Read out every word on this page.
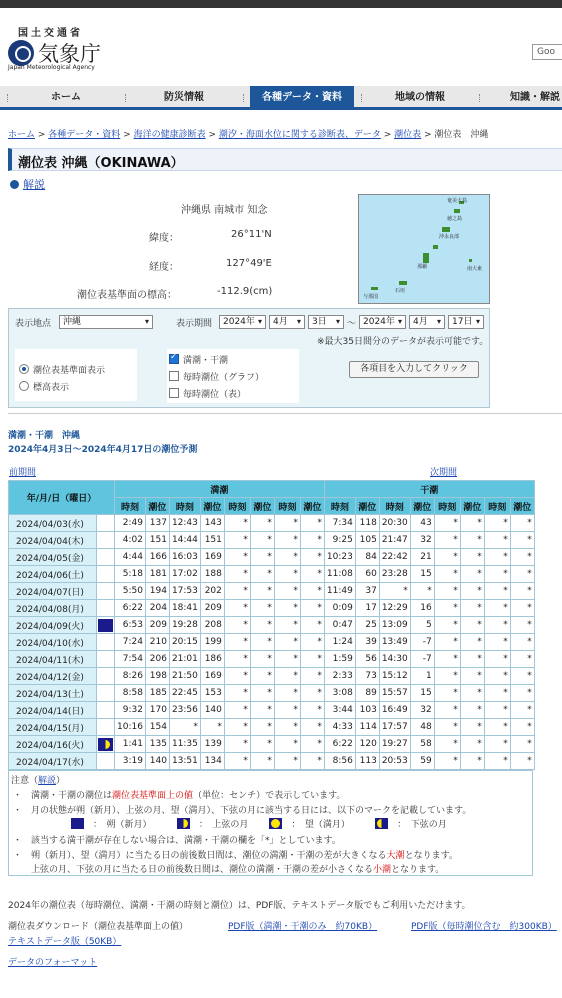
国土交通省
気象庁
Japan Meteorological Agency
Goo
ホーム	防災情報	各種データ・資料	地域の情報	知識・解説
ホーム > 各種データ・資料 > 海洋の健康診断表 > 潮汐・海面水位に関する診断表、データ > 潮位表 > 潮位表　沖縄
潮位表 沖縄（OKINAWA）
解説
沖縄県 南城市 知念
緯度：	26°11'N
経度：	127°49'E
潮位表基準面の標高：	-112.9(cm)
奄美大島
徳之島
沖永良部
那覇	南大東
石垣
与那国
表示地点	沖縄 ▾	表示期間	2024年 ▾	4月 ▾	3日 ▾	〜 2024年 ▾	4月 ▾	17日 ▾
※最大35日間分のデータが表示可能です。
潮位表基準面表示
標高表示
✓満潮・干潮
毎時潮位（グラフ）
毎時潮位（表）
各項目を入力してクリック
満潮・干潮　沖縄
2024年4月3日〜2024年4月17日の潮位予測
前期間	次期間
年/月/日（曜日）		満潮								干潮							
		時刻	潮位	時刻	潮位	時刻	潮位	時刻	潮位	時刻	潮位	時刻	潮位	時刻	潮位	時刻	潮位
2024/04/03(水)		2:49	137	12:43	143	*	*	*	*	7:34	118	20:30	43	*	*	*	*
2024/04/04(木)		4:02	151	14:44	151	*	*	*	*	9:25	105	21:47	32	*	*	*	*
2024/04/05(金)		4:44	166	16:03	169	*	*	*	*	10:23	84	22:42	21	*	*	*	*
2024/04/06(土)		5:18	181	17:02	188	*	*	*	*	11:08	60	23:28	15	*	*	*	*
2024/04/07(日)		5:50	194	17:53	202	*	*	*	*	11:49	37	*	*	*	*	*	*
2024/04/08(月)		6:22	204	18:41	209	*	*	*	*	0:09	17	12:29	16	*	*	*	*
2024/04/09(火)		6:53	209	19:28	208	*	*	*	*	0:47	25	13:09	5	*	*	*	*
2024/04/10(水)		7:24	210	20:15	199	*	*	*	*	1:24	39	13:49	-7	*	*	*	*
2024/04/11(木)		7:54	206	21:01	186	*	*	*	*	1:59	56	14:30	-7	*	*	*	*
2024/04/12(金)		8:26	198	21:50	169	*	*	*	*	2:33	73	15:12	1	*	*	*	*
2024/04/13(土)		8:58	185	22:45	153	*	*	*	*	3:08	89	15:57	15	*	*	*	*
2024/04/14(日)		9:32	170	23:56	140	*	*	*	*	3:44	103	16:49	32	*	*	*	*
2024/04/15(月)		10:16	154	*	*	*	*	*	*	4:33	114	17:57	48	*	*	*	*
2024/04/16(火)		1:41	135	11:35	139	*	*	*	*	6:22	120	19:27	58	*	*	*	*
2024/04/17(水)		3:19	140	13:51	134	*	*	*	*	8:56	113	20:53	59	*	*	*	*
注意（解説）
・　 満潮・干潮の潮位は潮位表基準面上の値（単位：センチ）で表示しています。
・　 月の状態が朔（新月）、上弦の月、望（満月）、下弦の月に該当する日には、以下のマークを記載しています。
　：　朔（新月）　　　 　	：　上弦の月　　 　	：　望（満月）　　　 　	：　下弦の月
・　 該当する満干潮が存在しない場合は、満潮・干潮の欄を「*」としています。
・　 朔（新月）、望（満月）に当たる日の前後数日間は、潮位の満潮・干潮の差が大きくなる大潮となります。
上弦の月、下弦の月に当たる日の前後数日間は、潮位の満潮・干潮の差が小さくなる小潮となります。
2024年の潮位表（毎時潮位、満潮・干潮の時刻と潮位）は、PDF版、テキストデータ版でもご利用いただけます。
潮位表ダウンロード（潮位表基準面上の値）	PDF版（満潮・干潮のみ　約70KB）	PDF版（毎時潮位含む　約300KB）
テキストデータ版（50KB）
データのフォーマット
